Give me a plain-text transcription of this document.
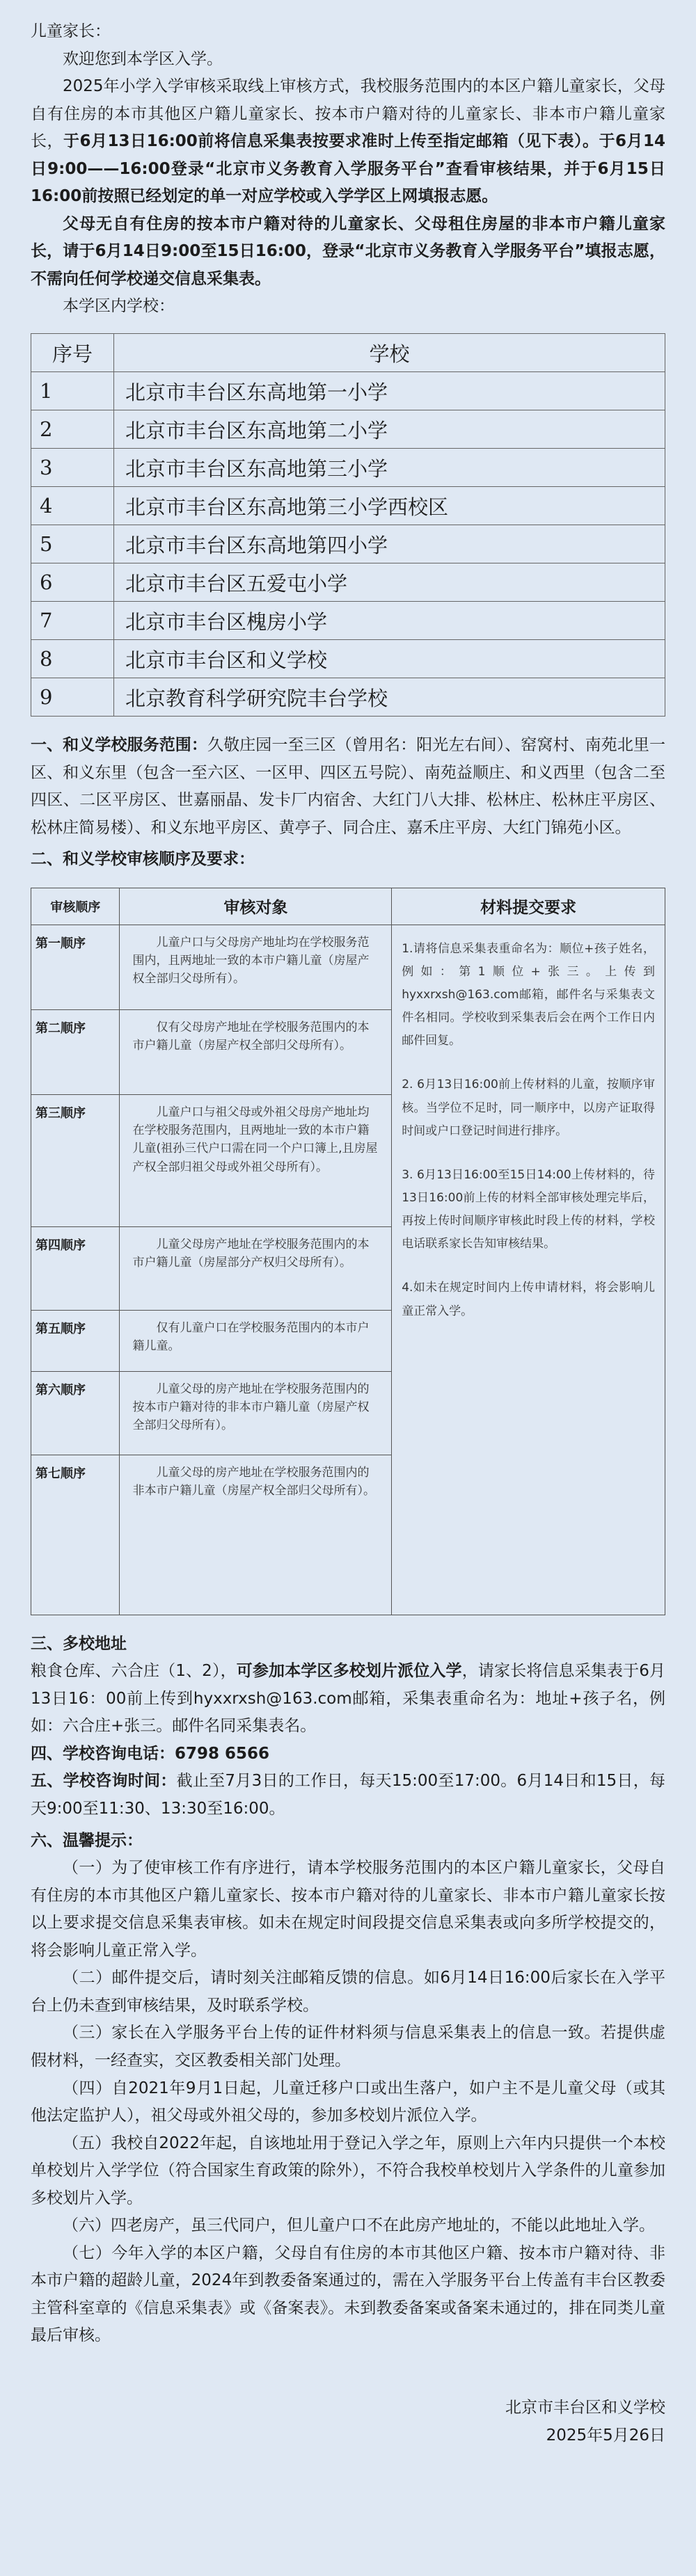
儿童家长：

欢迎您到本学区入学。

2025年小学入学审核采取线上审核方式，我校服务范围内的本区户籍儿童家长，父母自有住房的本市其他区户籍儿童家长、按本市户籍对待的儿童家长、非本市户籍儿童家长，于6月13日16:00前将信息采集表按要求准时上传至指定邮箱（见下表）。于6月14日9:00——16:00登录“北京市义务教育入学服务平台”查看审核结果，并于6月15日16:00前按照已经划定的单一对应学校或入学学区上网填报志愿。

父母无自有住房的按本市户籍对待的儿童家长、父母租住房屋的非本市户籍儿童家长，请于6月14日9:00至15日16:00，登录“北京市义务教育入学服务平台”填报志愿，不需向任何学校递交信息采集表。

本学区内学校：

序号	学校
1	北京市丰台区东高地第一小学
2	北京市丰台区东高地第二小学
3	北京市丰台区东高地第三小学
4	北京市丰台区东高地第三小学西校区
5	北京市丰台区东高地第四小学
6	北京市丰台区五爱屯小学
7	北京市丰台区槐房小学
8	北京市丰台区和义学校
9	北京教育科学研究院丰台学校

一、和义学校服务范围：久敬庄园一至三区（曾用名：阳光左右间）、窑窝村、南苑北里一区、和义东里（包含一至六区、一区甲、四区五号院）、南苑益顺庄、和义西里（包含二至四区、二区平房区、世嘉丽晶、发卡厂内宿舍、大红门八大排、松林庄、松林庄平房区、松林庄简易楼）、和义东地平房区、黄亭子、同合庄、嘉禾庄平房、大红门锦苑小区。

二、和义学校审核顺序及要求：

审核顺序	审核对象	材料提交要求
第一顺序	儿童户口与父母房产地址均在学校服务范围内，且两地址一致的本市户籍儿童（房屋产权全部归父母所有）。	1.请将信息采集表重命名为：顺位+孩子姓名，例如：第1顺位+张三。上传到hyxxrxsh@163.com邮箱，邮件名与采集表文件名相同。学校收到采集表后会在两个工作日内邮件回复。

2. 6月13日16:00前上传材料的儿童，按顺序审核。当学位不足时，同一顺序中，以房产证取得时间或户口登记时间进行排序。

3. 6月13日16:00至15日14:00上传材料的，待13日16:00前上传的材料全部审核处理完毕后，再按上传时间顺序审核此时段上传的材料，学校电话联系家长告知审核结果。

4.如未在规定时间内上传申请材料，将会影响儿童正常入学。

第二顺序	仅有父母房产地址在学校服务范围内的本市户籍儿童（房屋产权全部归父母所有）。	
第三顺序	儿童户口与祖父母或外祖父母房产地址均在学校服务范围内，且两地址一致的本市户籍儿童(祖孙三代户口需在同一个户口簿上,且房屋产权全部归祖父母或外祖父母所有）。	
第四顺序	儿童父母房产地址在学校服务范围内的本市户籍儿童（房屋部分产权归父母所有）。	
第五顺序	仅有儿童户口在学校服务范围内的本市户籍儿童。	
第六顺序	儿童父母的房产地址在学校服务范围内的按本市户籍对待的非本市户籍儿童（房屋产权全部归父母所有）。	
第七顺序	儿童父母的房产地址在学校服务范围内的非本市户籍儿童（房屋产权全部归父母所有）。	

三、多校地址

粮食仓库、六合庄（1、2），可参加本学区多校划片派位入学，请家长将信息采集表于6月13日16：00前上传到hyxxrxsh@163.com邮箱，采集表重命名为：地址+孩子名，例如：六合庄+张三。邮件名同采集表名。

四、学校咨询电话：6798 6566

五、学校咨询时间：截止至7月3日的工作日，每天15:00至17:00。6月14日和15日，每天9:00至11:30、13:30至16:00。

六、温馨提示：

（一）为了使审核工作有序进行，请本学校服务范围内的本区户籍儿童家长，父母自有住房的本市其他区户籍儿童家长、按本市户籍对待的儿童家长、非本市户籍儿童家长按以上要求提交信息采集表审核。如未在规定时间段提交信息采集表或向多所学校提交的，将会影响儿童正常入学。

（二）邮件提交后，请时刻关注邮箱反馈的信息。如6月14日16:00后家长在入学平台上仍未查到审核结果，及时联系学校。

（三）家长在入学服务平台上传的证件材料须与信息采集表上的信息一致。若提供虚假材料，一经查实，交区教委相关部门处理。

（四）自2021年9月1日起，儿童迁移户口或出生落户，如户主不是儿童父母（或其他法定监护人），祖父母或外祖父母的，参加多校划片派位入学。

（五）我校自2022年起，自该地址用于登记入学之年，原则上六年内只提供一个本校单校划片入学学位（符合国家生育政策的除外），不符合我校单校划片入学条件的儿童参加多校划片入学。

（六）四老房产，虽三代同户，但儿童户口不在此房产地址的，不能以此地址入学。

（七）今年入学的本区户籍，父母自有住房的本市其他区户籍、按本市户籍对待、非本市户籍的超龄儿童，2024年到教委备案通过的，需在入学服务平台上传盖有丰台区教委主管科室章的《信息采集表》或《备案表》。未到教委备案或备案未通过的，排在同类儿童最后审核。

北京市丰台区和义学校
2025年5月26日
